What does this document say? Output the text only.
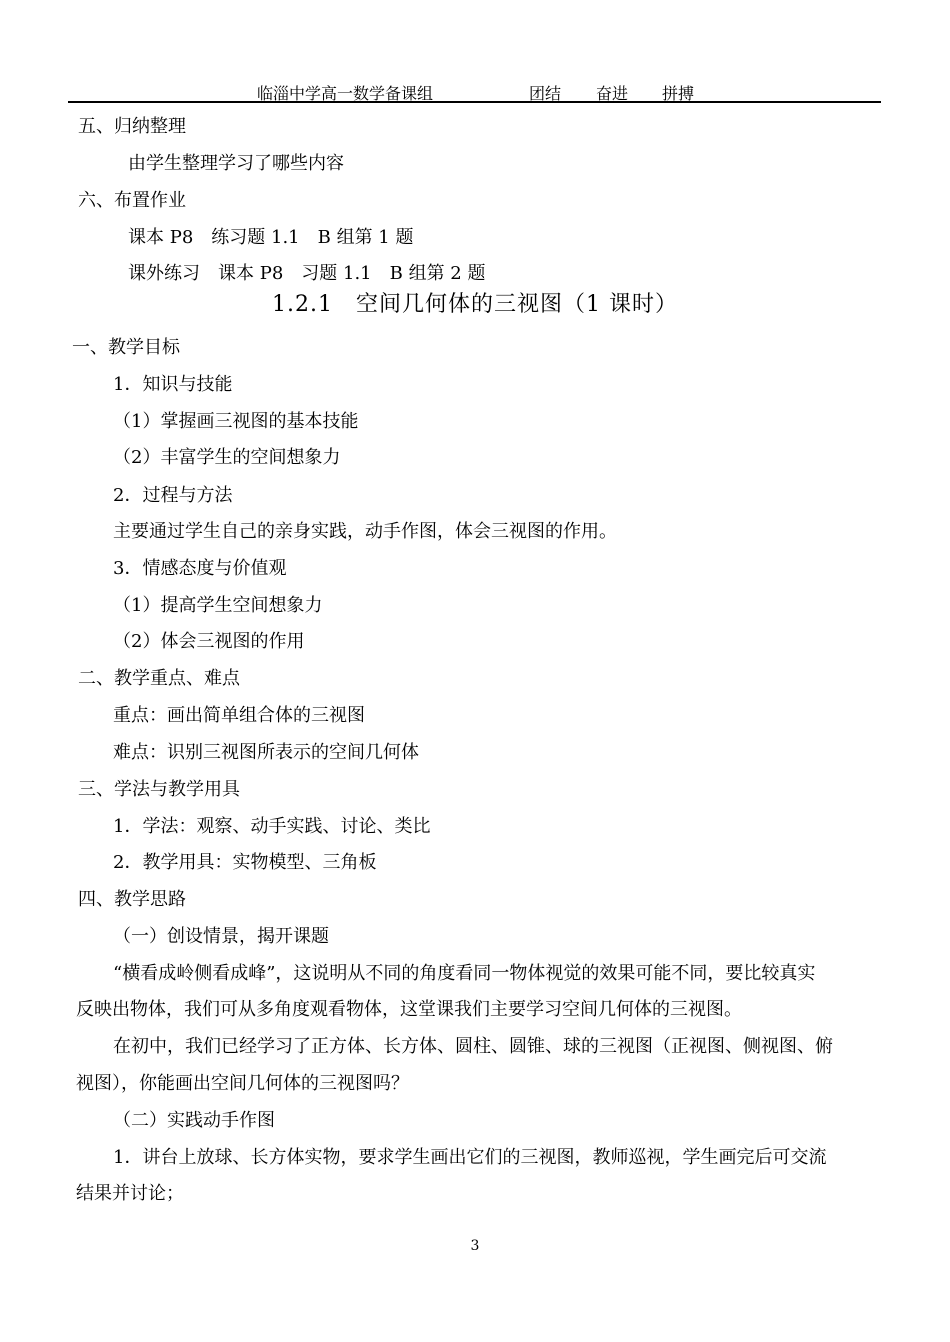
临淄中学高一数学备课组	团结 奋进 拼搏
五、归纳整理
由学生整理学习了哪些内容
六、布置作业
课本 P8　练习题 1.1　B 组第 1 题
课外练习　课本 P8　习题 1.1　B 组第 2 题
1.2.1　空间几何体的三视图（1 课时）
一、教学目标
1．知识与技能
（1）掌握画三视图的基本技能
（2）丰富学生的空间想象力
2．过程与方法
主要通过学生自己的亲身实践，动手作图，体会三视图的作用。
3．情感态度与价值观
（1）提高学生空间想象力
（2）体会三视图的作用
二、教学重点、难点
重点：画出简单组合体的三视图
难点：识别三视图所表示的空间几何体
三、学法与教学用具
1．学法：观察、动手实践、讨论、类比
2．教学用具：实物模型、三角板
四、教学思路
（一）创设情景，揭开课题
“横看成岭侧看成峰”，这说明从不同的角度看同一物体视觉的效果可能不同，要比较真实
反映出物体，我们可从多角度观看物体，这堂课我们主要学习空间几何体的三视图。
在初中，我们已经学习了正方体、长方体、圆柱、圆锥、球的三视图（正视图、侧视图、俯
视图），你能画出空间几何体的三视图吗？
（二）实践动手作图
1．讲台上放球、长方体实物，要求学生画出它们的三视图，教师巡视，学生画完后可交流
结果并讨论；
3
